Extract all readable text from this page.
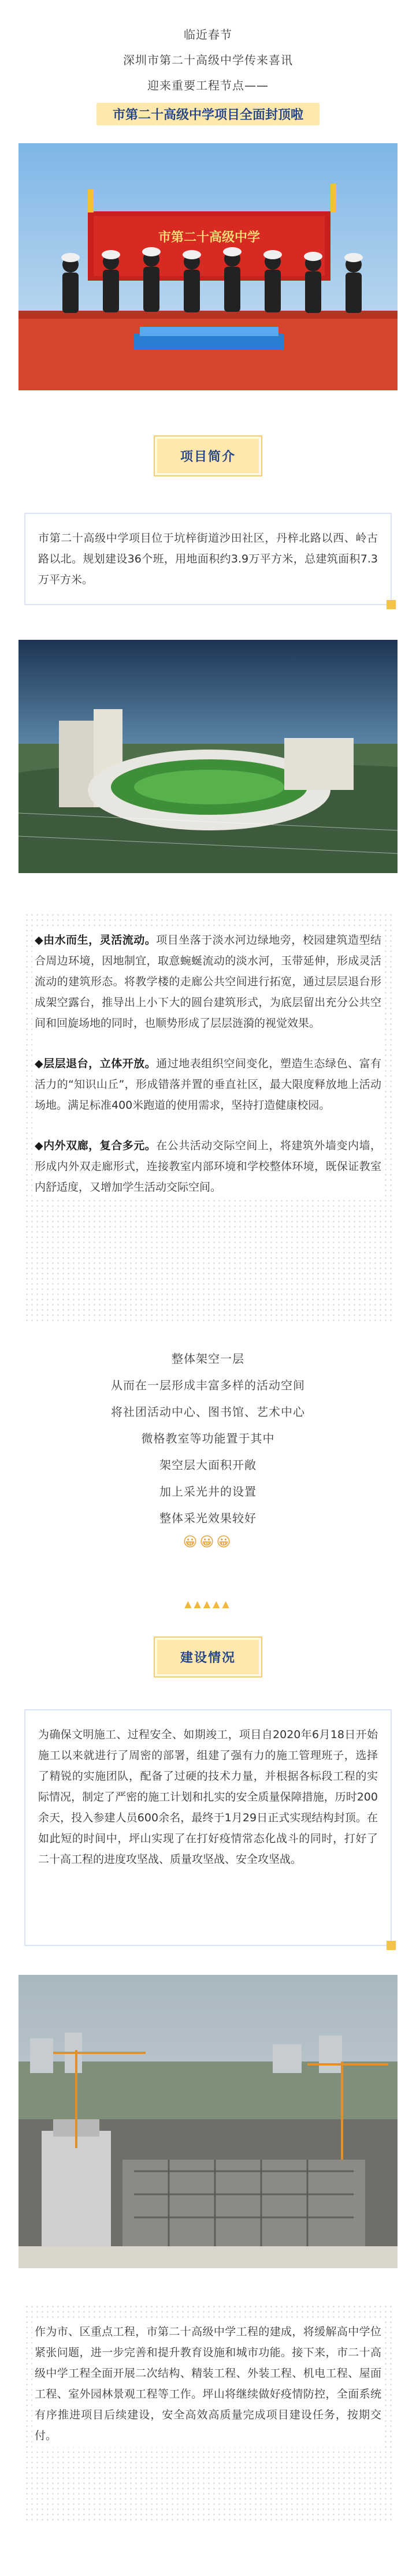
临近春节
深圳市第二十高级中学传来喜讯
迎来重要工程节点——
市第二十高级中学项目全面封顶啦
市第二十高级中学
项目简介
市第二十高级中学项目位于坑梓街道沙田社区，丹梓北路以西、岭古路以北。规划建设36个班，用地面积约3.9万平方米，总建筑面积7.3万平方米。

◆由水而生，灵活流动。项目坐落于淡水河边绿地旁，校园建筑造型结合周边环境，因地制宜，取意蜿蜒流动的淡水河，玉带延伸，形成灵活流动的建筑形态。将教学楼的走廊公共空间进行拓宽，通过层层退台形成架空露台，推导出上小下大的圆台建筑形式，为底层留出充分公共空间和回旋场地的同时，也顺势形成了层层涟漪的视觉效果。

◆层层退台，立体开放。通过地表组织空间变化，塑造生态绿色、富有活力的“知识山丘”，形成错落并置的垂直社区，最大限度释放地上活动场地。满足标准400米跑道的使用需求，坚持打造健康校园。

◆内外双廊，复合多元。在公共活动交际空间上，将建筑外墙变内墙，形成内外双走廊形式，连接教室内部环境和学校整体环境，既保证教室内舒适度，又增加学生活动交际空间。

整体架空一层
从而在一层形成丰富多样的活动空间
将社团活动中心、图书馆、艺术中心
微格教室等功能置于其中
架空层大面积开敞
加上采光井的设置
整体采光效果较好
😀😀😀
▲▲▲▲▲
建设情况
为确保文明施工、过程安全、如期竣工，项目自2020年6月18日开始施工以来就进行了周密的部署，组建了强有力的施工管理班子，选择了精锐的实施团队，配备了过硬的技术力量，并根据各标段工程的实际情况，制定了严密的施工计划和扎实的安全质量保障措施，历时200余天，投入参建人员600余名，最终于1月29日正式实现结构封顶。在如此短的时间中，坪山实现了在打好疫情常态化战斗的同时，打好了二十高工程的进度攻坚战、质量攻坚战、安全攻坚战。
作为市、区重点工程，市第二十高级中学工程的建成，将缓解高中学位紧张问题，进一步完善和提升教育设施和城市功能。接下来，市二十高级中学工程全面开展二次结构、精装工程、外装工程、机电工程、屋面工程、室外园林景观工程等工作。坪山将继续做好疫情防控，全面系统有序推进项目后续建设，安全高效高质量完成项目建设任务，按期交付。
